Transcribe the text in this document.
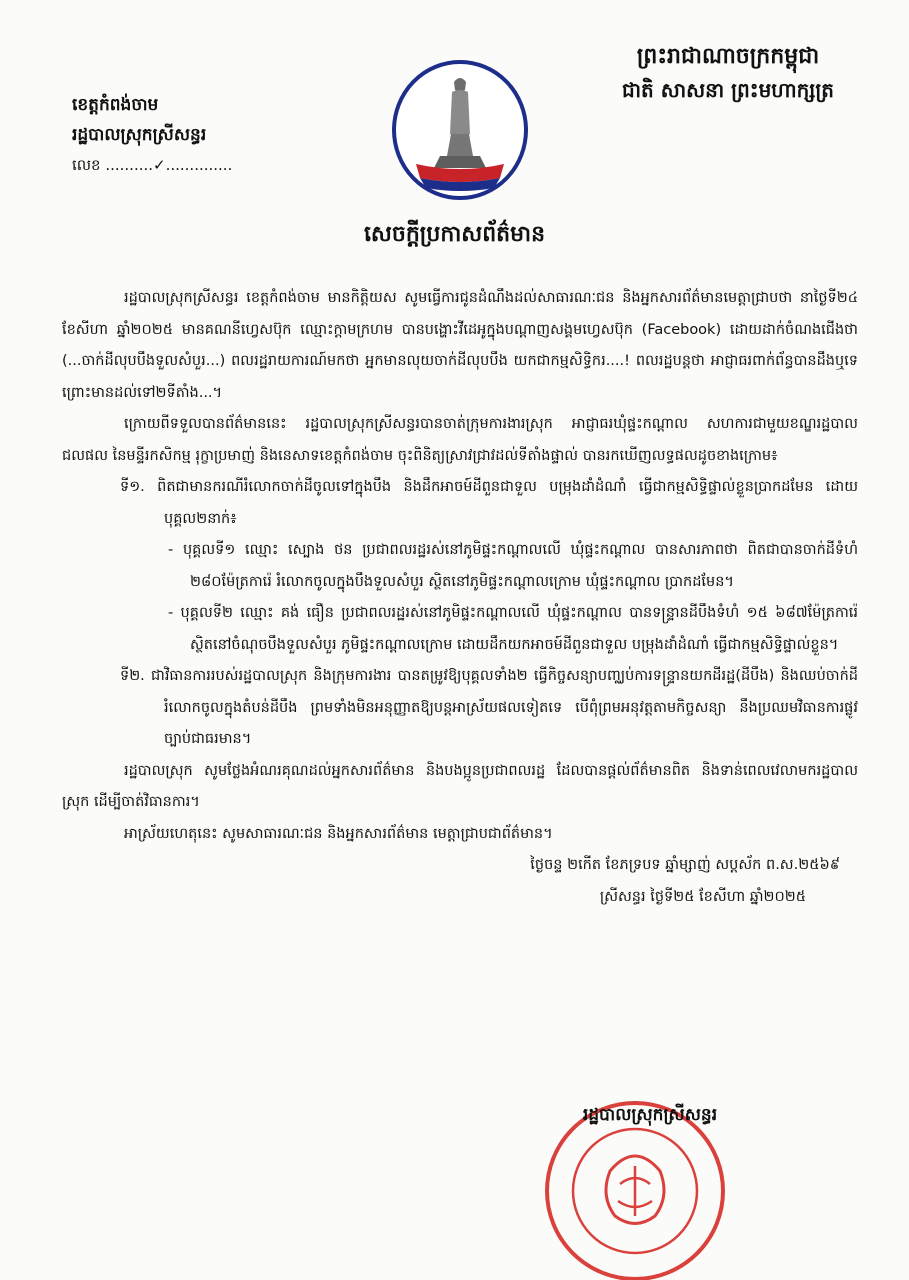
ព្រះរាជាណាចក្រកម្ពុជា
ជាតិ សាសនា ព្រះមហាក្សត្រ
ខេត្តកំពង់ចាម
រដ្ឋបាលស្រុកស្រីសន្ធរ
លេខ ..........✓..............
សេចក្តីប្រកាសព័ត៌មាន

រដ្ឋបាលស្រុកស្រីសន្ធរ ខេត្តកំពង់ចាម មានកិត្តិយស សូមធ្វើការជូនដំណឹងដល់សាធារណៈជន និងអ្នកសារព័ត៌មានមេត្តាជ្រាបថា នាថ្ងៃទី២៤ ខែសីហា ឆ្នាំ២០២៥ មានគណនីហ្វេសប៊ុក ឈ្មោះក្តាមក្រហម បានបង្ហោះវីដេអូក្នុងបណ្តាញសង្គមហ្វេសប៊ុក (Facebook) ដោយដាក់ចំណងជើងថា (...ចាក់ដីលុបបឹងទួលសំបួរ...) ពលរដ្ឋរាយការណ៍មកថា អ្នកមានលុយចាក់ដីលុបបឹង យកជាកម្មសិទ្ធិករ....! ពលរដ្ឋបន្តថា អាជ្ញាធរពាក់ព័ន្ធបានដឹងឬទេ ព្រោះមានដល់ទៅ២ទីតាំង...។

ក្រោយពីទទួលបានព័ត៌មាននេះ រដ្ឋបាលស្រុកស្រីសន្ធរបានចាត់ក្រុមការងារស្រុក អាជ្ញាធរឃុំផ្ទះកណ្តាល សហការជាមួយខណ្ឌរដ្ឋបាលជលផល នៃមន្ទីរកសិកម្ម រុក្ខាប្រមាញ់ និងនេសាទខេត្តកំពង់ចាម ចុះពិនិត្យស្រាវជ្រាវដល់ទីតាំងផ្ទាល់ បានរកឃើញលទ្ធផលដូចខាងក្រោម៖

ទី១. ពិតជាមានករណីរំលោកចាក់ដីចូលទៅក្នុងបឹង និងដឹកអាចម៍ដីពួនជាទួល បម្រុងដាំដំណាំ ធ្វើជាកម្មសិទ្ធិផ្ទាល់ខ្លួនប្រាកដមែន ដោយបុគ្គល២នាក់៖

- បុគ្គលទី១ ឈ្មោះ ស្បោង ថន ប្រជាពលរដ្ឋរស់នៅភូមិផ្ទះកណ្តាលលើ ឃុំផ្ទះកណ្តាល បានសារភាពថា ពិតជាបានចាក់ដីទំហំ ២៨០ម៉ែត្រការ៉េ រំលោកចូលក្នុងបឹងទួលសំបួរ ស្ថិតនៅភូមិផ្ទះកណ្តាលក្រោម ឃុំផ្ទះកណ្តាល ប្រាកដមែន។

- បុគ្គលទី២ ឈ្មោះ គង់ ធឿន ប្រជាពលរដ្ឋរស់នៅភូមិផ្ទះកណ្តាលលើ ឃុំផ្ទះកណ្តាល បានទន្ទ្រានដីបឹងទំហំ ១៥ ៦៨៧ម៉ែត្រការ៉េ ស្ថិតនៅចំណុចបឹងទួលសំបួរ ភូមិផ្ទះកណ្តាលក្រោម ដោយដឹកយកអាចម៍ដីពួនជាទួល បម្រុងដាំដំណាំ ធ្វើជាកម្មសិទ្ធិផ្ទាល់ខ្លួន។

ទី២. ជាវិធានការរបស់រដ្ឋបាលស្រុក និងក្រុមការងារ បានតម្រូវឱ្យបុគ្គលទាំង២ ធ្វើកិច្ចសន្យាបញ្ឈប់ការទន្ទ្រានយកដីរដ្ឋ(ដីបឹង) និងឈប់ចាក់ដីរំលោកចូលក្នុងតំបន់ដីបឹង ព្រមទាំងមិនអនុញ្ញាតឱ្យបន្តអាស្រ័យផលទៀតទេ បើពុំព្រមអនុវត្តតាមកិច្ចសន្យា នឹងប្រឈមវិធានការផ្លូវច្បាប់ជាធរមាន។

រដ្ឋបាលស្រុក សូមថ្លែងអំណរគុណដល់អ្នកសារព័ត៌មាន និងបងប្អូនប្រជាពលរដ្ឋ ដែលបានផ្តល់ព័ត៌មានពិត និងទាន់ពេលវេលាមករដ្ឋបាលស្រុក ដើម្បីចាត់វិធានការ។

អាស្រ័យហេតុនេះ សូមសាធារណៈជន និងអ្នកសារព័ត៌មាន មេត្តាជ្រាបជាព័ត៌មាន។

ថ្ងៃចន្ទ ២កើត ខែភទ្របទ ឆ្នាំម្សាញ់ សប្តស័ក ព.ស.២៥៦៩

ស្រីសន្ធរ ថ្ងៃទី២៥ ខែសីហា ឆ្នាំ២០២៥

រដ្ឋបាលស្រុកស្រីសន្ធរ
